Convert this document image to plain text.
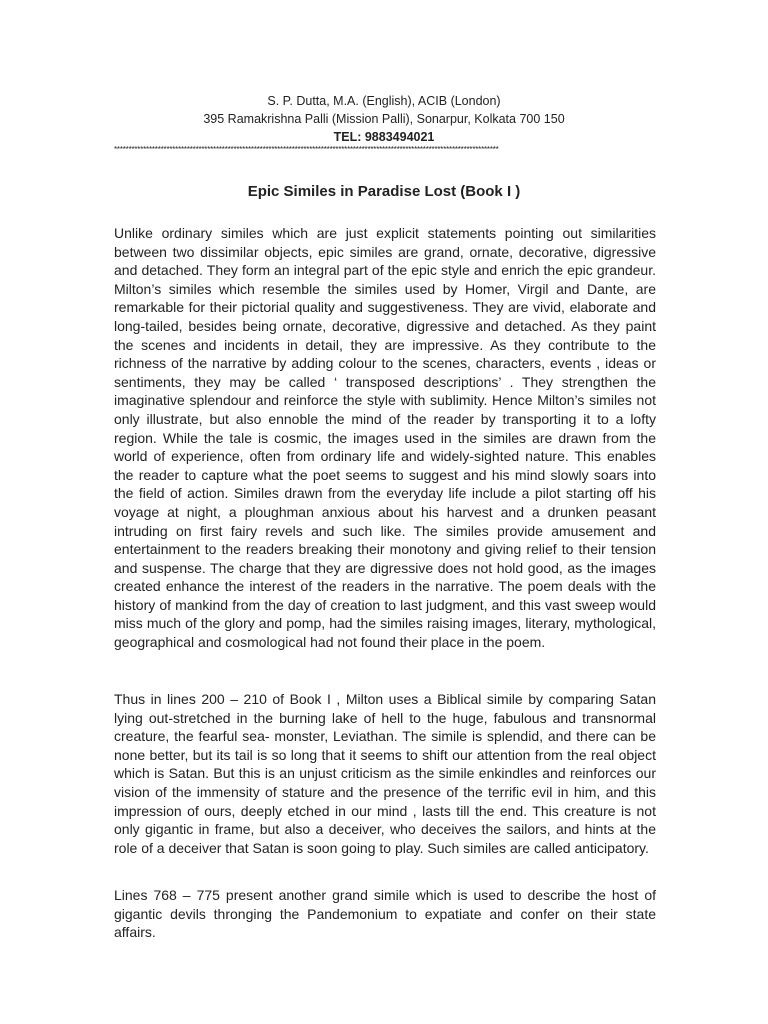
S. P. Dutta, M.A. (English), ACIB (London)
395 Ramakrishna Palli (Mission Palli), Sonarpur, Kolkata 700 150
TEL: 9883494021
************************************************************************************************************************************
Epic Similes in Paradise Lost (Book I )

Unlike ordinary similes which are just explicit statements pointing out similarities between two dissimilar objects, epic similes are grand, ornate, decorative, digressive and detached. They form an integral part of the epic style and enrich the epic grandeur. Milton’s similes which resemble the similes used by Homer, Virgil and Dante, are remarkable for their pictorial quality and suggestiveness. They are vivid, elaborate and long-tailed, besides being ornate, decorative, digressive and detached. As they paint the scenes and incidents in detail, they are impressive. As they contribute to the richness of the narrative by adding colour to the scenes, characters, events , ideas or sentiments, they may be called ‘ transposed descriptions’ . They strengthen the imaginative splendour and reinforce the style with sublimity. Hence Milton’s similes not only illustrate, but also ennoble the mind of the reader by transporting it to a lofty region. While the tale is cosmic, the images used in the similes are drawn from the world of experience, often from ordinary life and widely-sighted nature. This enables the reader to capture what the poet seems to suggest and his mind slowly soars into the field of action. Similes drawn from the everyday life include a pilot starting off his voyage at night, a ploughman anxious about his harvest and a drunken peasant intruding on first fairy revels and such like. The similes provide amusement and entertainment to the readers breaking their monotony and giving relief to their tension and suspense. The charge that they are digressive does not hold good, as the images created enhance the interest of the readers in the narrative. The poem deals with the history of mankind from the day of creation to last judgment, and this vast sweep would miss much of the glory and pomp, had the similes raising images, literary, mythological, geographical and cosmological had not found their place in the poem.

Thus in lines 200 – 210 of Book I , Milton uses a Biblical simile by comparing Satan lying out-stretched in the burning lake of hell to the huge, fabulous and transnormal creature, the fearful sea- monster, Leviathan. The simile is splendid, and there can be none better, but its tail is so long that it seems to shift our attention from the real object which is Satan. But this is an unjust criticism as the simile enkindles and reinforces our vision of the immensity of stature and the presence of the terrific evil in him, and this impression of ours, deeply etched in our mind , lasts till the end. This creature is not only gigantic in frame, but also a deceiver, who deceives the sailors, and hints at the role of a deceiver that Satan is soon going to play. Such similes are called anticipatory.

Lines 768 – 775 present another grand simile which is used to describe the host of gigantic devils thronging the Pandemonium to expatiate and confer on their state affairs.
